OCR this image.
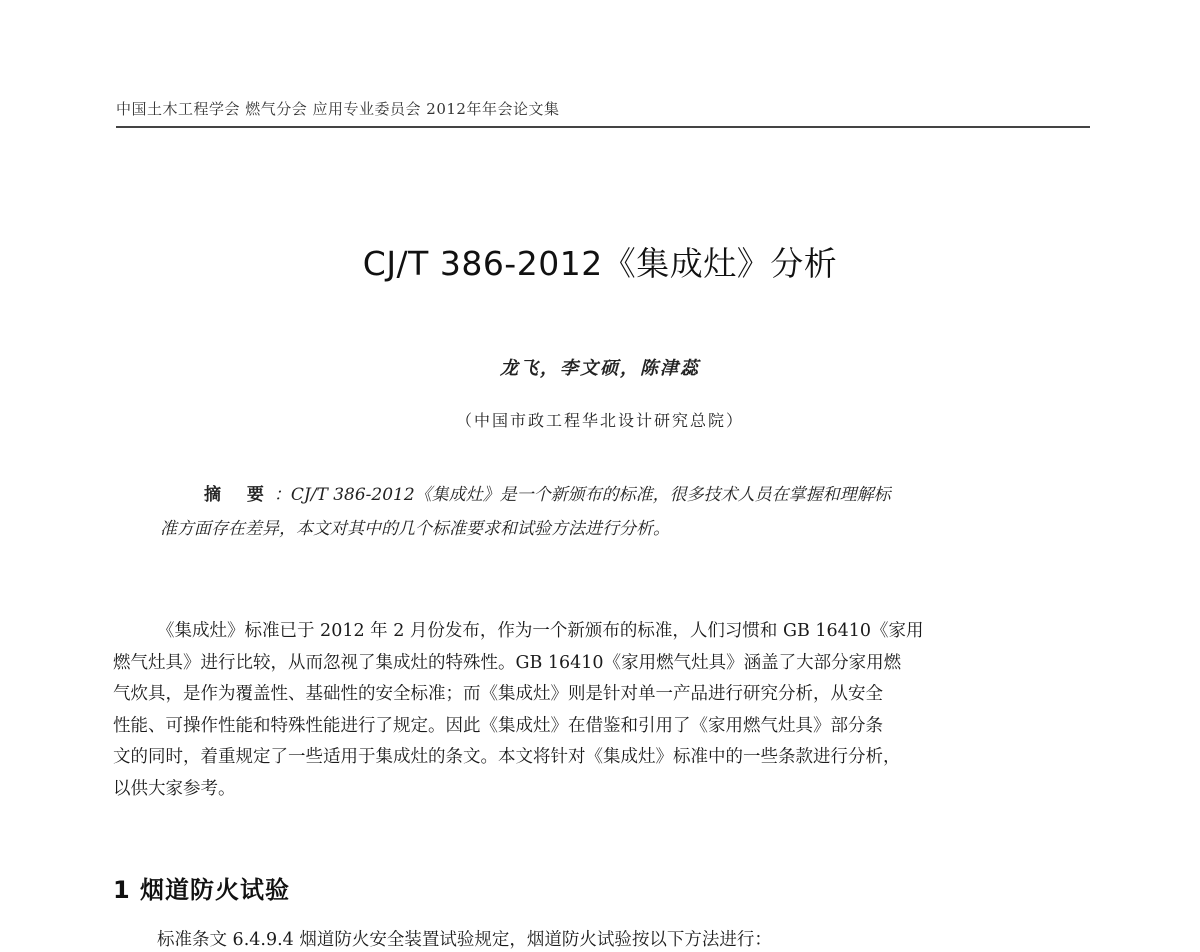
中国土木工程学会 燃气分会 应用专业委员会 2012年年会论文集
CJ/T 386-2012《集成灶》分析
龙飞，李文硕，陈津蕊
（中国市政工程华北设计研究总院）
摘 要：CJ/T 386-2012《集成灶》是一个新颁布的标准，很多技术人员在掌握和理解标
准方面存在差异，本文对其中的几个标准要求和试验方法进行分析。
《集成灶》标准已于 2012 年 2 月份发布，作为一个新颁布的标准，人们习惯和 GB 16410《家用
燃气灶具》进行比较，从而忽视了集成灶的特殊性。GB 16410《家用燃气灶具》涵盖了大部分家用燃
气炊具，是作为覆盖性、基础性的安全标准；而《集成灶》则是针对单一产品进行研究分析，从安全
性能、可操作性能和特殊性能进行了规定。因此《集成灶》在借鉴和引用了《家用燃气灶具》部分条
文的同时，着重规定了一些适用于集成灶的条文。本文将针对《集成灶》标准中的一些条款进行分析，
以供大家参考。
1 烟道防火试验
标准条文 6.4.9.4 烟道防火安全装置试验规定，烟道防火试验按以下方法进行：
